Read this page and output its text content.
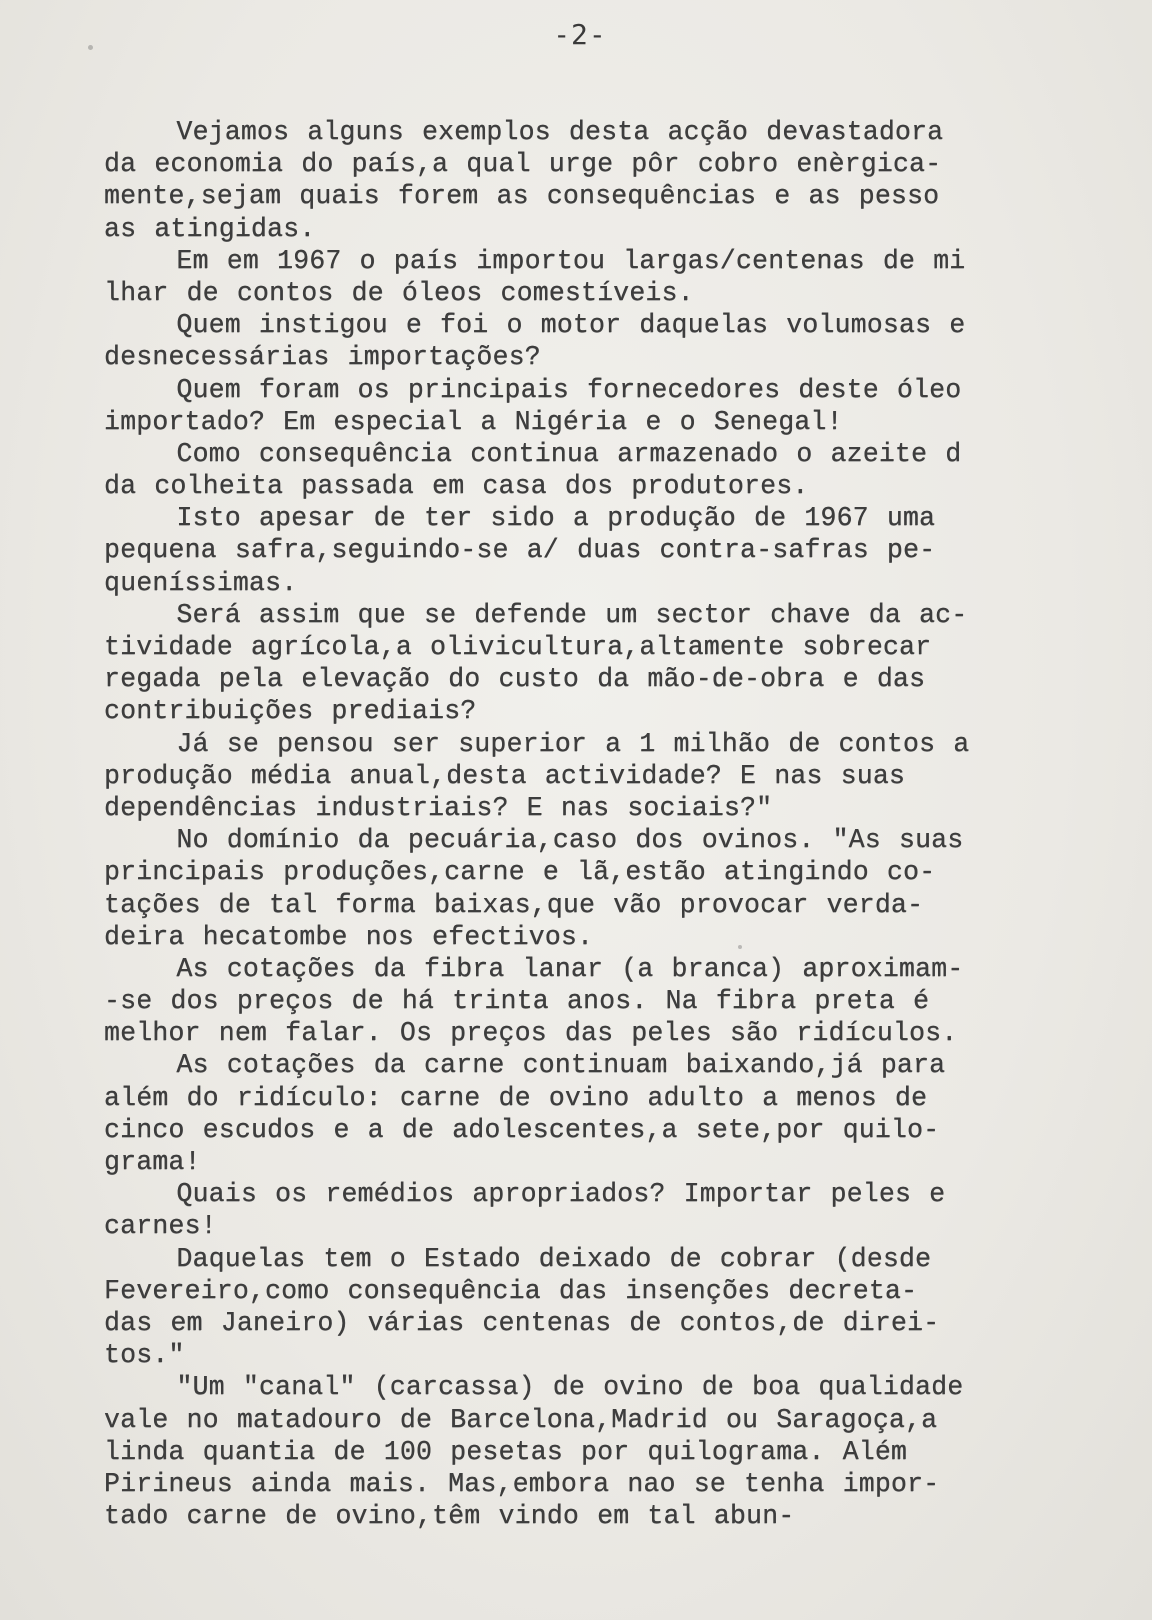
-2-
Vejamos alguns exemplos desta acção devastadora
da economia do país,a qual urge pôr cobro enèrgica-
mente,sejam quais forem as consequências e as pesso
as atingidas.
Em em 1967 o país importou largas/centenas de mi
lhar de contos de óleos comestíveis.
Quem instigou e foi o motor daquelas volumosas e
desnecessárias importações?
Quem foram os principais fornecedores deste óleo
importado? Em especial a Nigéria e o Senegal!
Como consequência continua armazenado o azeite d
da colheita passada em casa dos produtores.
Isto apesar de ter sido a produção de 1967 uma
pequena safra,seguindo-se a/ duas contra-safras pe-
queníssimas.
Será assim que se defende um sector chave da ac-
tividade agrícola,a olivicultura,altamente sobrecar
regada pela elevação do custo da mão-de-obra e das
contribuições prediais?
Já se pensou ser superior a 1 milhão de contos a
produção média anual,desta actividade? E nas suas
dependências industriais? E nas sociais?"
No domínio da pecuária,caso dos ovinos. "As suas
principais produções,carne e lã,estão atingindo co-
tações de tal forma baixas,que vão provocar verda-
deira hecatombe nos efectivos.
As cotações da fibra lanar (a branca) aproximam-
-se dos preços de há trinta anos. Na fibra preta é
melhor nem falar. Os preços das peles são ridículos.
As cotações da carne continuam baixando,já para
além do ridículo: carne de ovino adulto a menos de
cinco escudos e a de adolescentes,a sete,por quilo-
grama!
Quais os remédios apropriados? Importar peles e
carnes!
Daquelas tem o Estado deixado de cobrar (desde
Fevereiro,como consequência das insenções decreta-
das em Janeiro) várias centenas de contos,de direi-
tos."
"Um "canal" (carcassa) de ovino de boa qualidade
vale no matadouro de Barcelona,Madrid ou Saragoça,a
linda quantia de 100 pesetas por quilograma. Além
Pirineus ainda mais. Mas,embora nao se tenha impor-
tado carne de ovino,têm vindo em tal abun-
